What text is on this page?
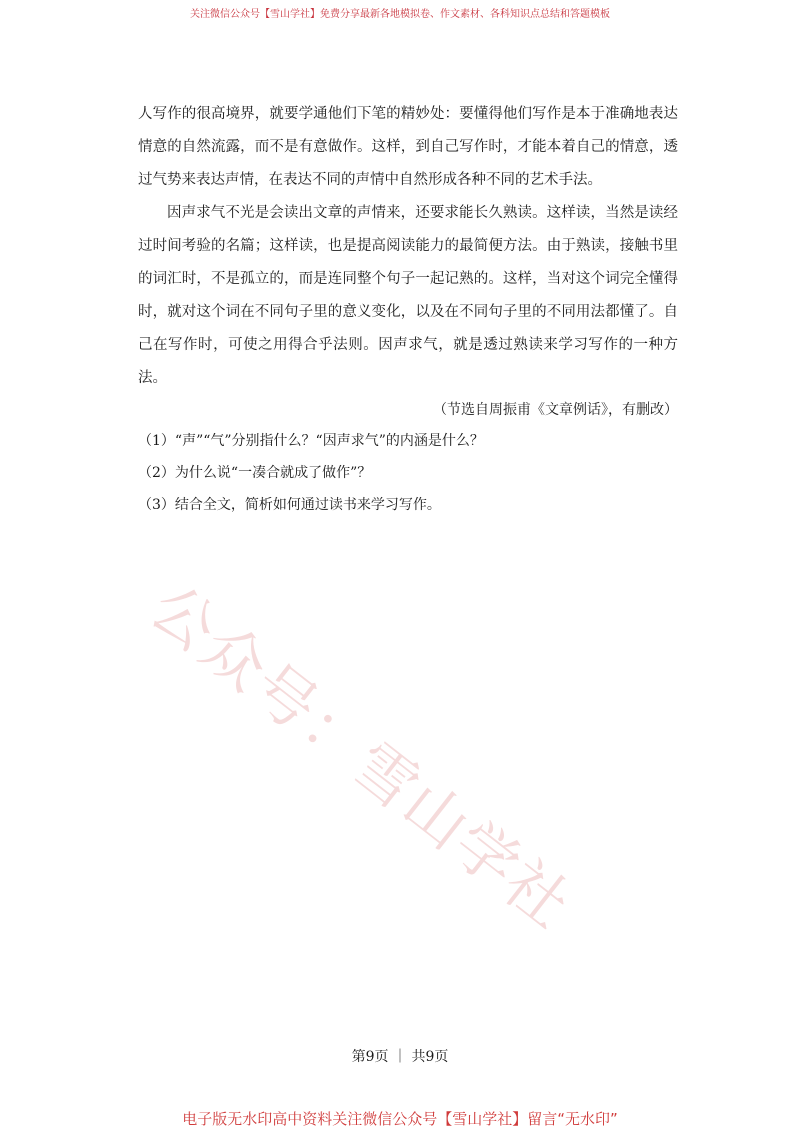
关注微信公众号【雪山学社】免费分享最新各地模拟卷、作文素材、各科知识点总结和答题模板

人写作的很高境界，就要学通他们下笔的精妙处：要懂得他们写作是本于准确地表达情意的自然流露，而不是有意做作。这样，到自己写作时，才能本着自己的情意，透过气势来表达声情，在表达不同的声情中自然形成各种不同的艺术手法。

因声求气不光是会读出文章的声情来，还要求能长久熟读。这样读，当然是读经过时间考验的名篇；这样读，也是提高阅读能力的最简便方法。由于熟读，接触书里的词汇时，不是孤立的，而是连同整个句子一起记熟的。这样，当对这个词完全懂得时，就对这个词在不同句子里的意义变化，以及在不同句子里的不同用法都懂了。自己在写作时，可使之用得合乎法则。因声求气，就是透过熟读来学习写作的一种方法。

（节选自周振甫《文章例话》，有删改）

（1）“声”“气”分别指什么？“因声求气”的内涵是什么？
（2）为什么说“一凑合就成了做作”？
（3）结合全文，简析如何通过读书来学习写作。
公众号：雪山学社
第9页 ｜ 共9页
电子版无水印高中资料关注微信公众号【雪山学社】留言“无水印”
